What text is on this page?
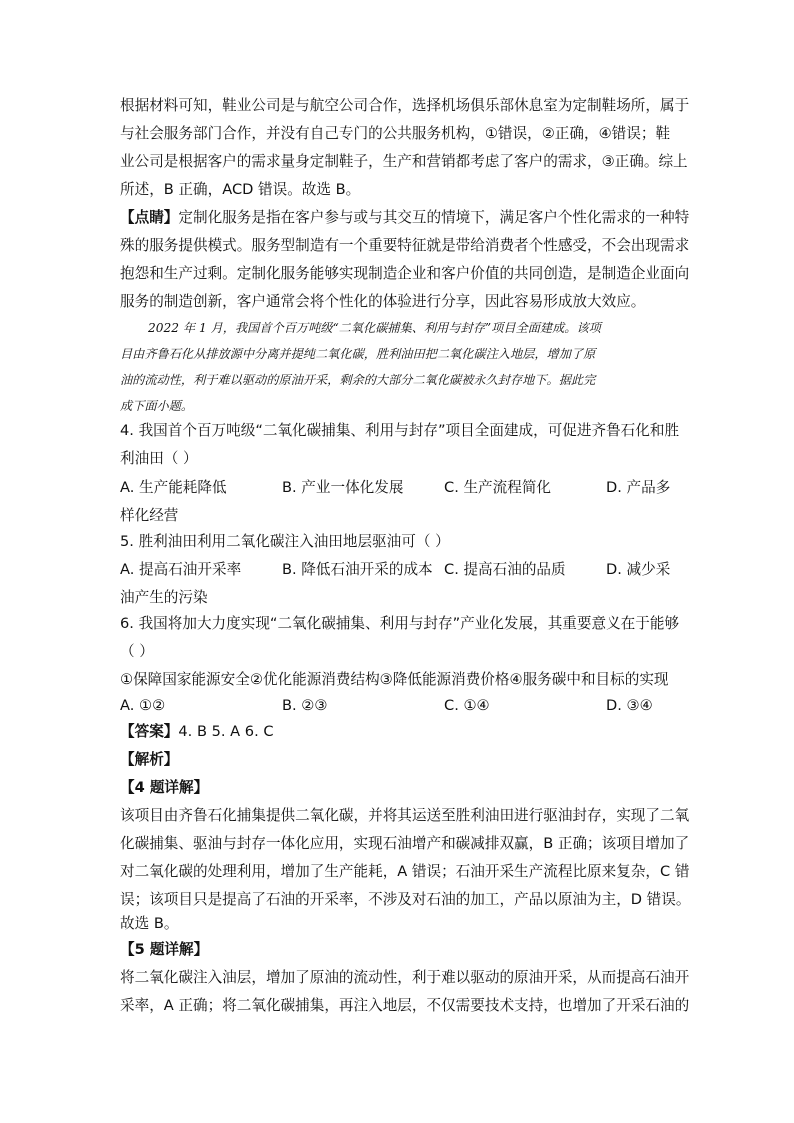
根据材料可知，鞋业公司是与航空公司合作，选择机场俱乐部休息室为定制鞋场所，属于
与社会服务部门合作，并没有自己专门的公共服务机构，①错误，②正确，④错误；鞋
业公司是根据客户的需求量身定制鞋子，生产和营销都考虑了客户的需求，③正确。综上
所述，B 正确，ACD 错误。故选 B。
【点睛】定制化服务是指在客户参与或与其交互的情境下，满足客户个性化需求的一种特
殊的服务提供模式。服务型制造有一个重要特征就是带给消费者个性感受，不会出现需求
抱怨和生产过剩。定制化服务能够实现制造企业和客户价值的共同创造，是制造企业面向
服务的制造创新，客户通常会将个性化的体验进行分享，因此容易形成放大效应。
2022 年 1 月，我国首个百万吨级“二氧化碳捕集、利用与封存”项目全面建成。该项
目由齐鲁石化从排放源中分离并提纯二氧化碳，胜利油田把二氧化碳注入地层，增加了原
油的流动性，利于难以驱动的原油开采，剩余的大部分二氧化碳被永久封存地下。据此完
成下面小题。
4. 我国首个百万吨级“二氧化碳捕集、利用与封存”项目全面建成，可促进齐鲁石化和胜
利油田（ ）
A. 生产能耗降低	B. 产业一体化发展	C. 生产流程简化	D. 产品多
样化经营
5. 胜利油田利用二氧化碳注入油田地层驱油可（ ）
A. 提高石油开采率	B. 降低石油开采的成本 C. 提高石油的品质	D. 减少采
油产生的污染
6. 我国将加大力度实现“二氧化碳捕集、利用与封存”产业化发展，其重要意义在于能够
（ ）
①保障国家能源安全②优化能源消费结构③降低能源消费价格④服务碳中和目标的实现
A. ①②	B. ②③	C. ①④	D. ③④
【答案】4. B 5. A 6. C
【解析】
【4 题详解】
该项目由齐鲁石化捕集提供二氧化碳，并将其运送至胜利油田进行驱油封存，实现了二氧
化碳捕集、驱油与封存一体化应用，实现石油增产和碳减排双赢，B 正确；该项目增加了
对二氧化碳的处理利用，增加了生产能耗，A 错误；石油开采生产流程比原来复杂，C 错
误；该项目只是提高了石油的开采率，不涉及对石油的加工，产品以原油为主，D 错误。
故选 B。
【5 题详解】
将二氧化碳注入油层，增加了原油的流动性，利于难以驱动的原油开采，从而提高石油开
采率，A 正确；将二氧化碳捕集，再注入地层，不仅需要技术支持，也增加了开采石油的
